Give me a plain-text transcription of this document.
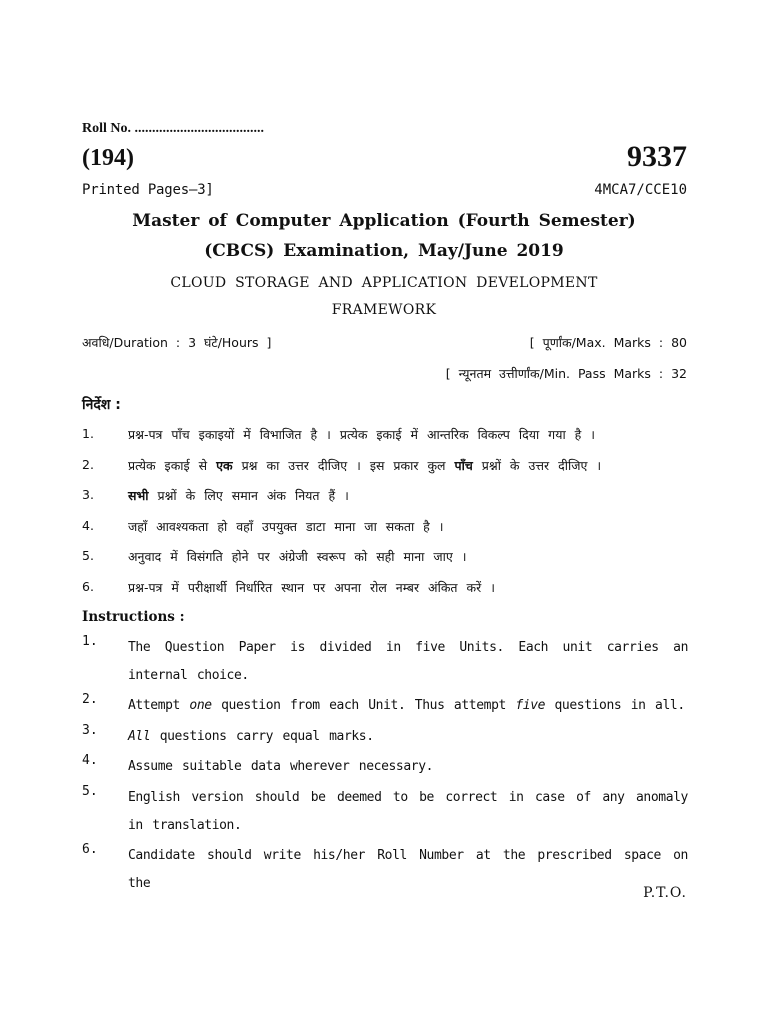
Roll No. .....................................
(194)	9337
Printed Pages—3]	4MCA7/CCE10
Master of Computer Application (Fourth Semester)
(CBCS) Examination, May/June 2019
CLOUD STORAGE AND APPLICATION DEVELOPMENT
FRAMEWORK
अवधि/Duration : 3 घंटे/Hours ]	[ पूर्णांक/Max. Marks : 80
[ न्यूनतम उत्तीर्णांक/Min. Pass Marks : 32
निर्देश :
1.	प्रश्न-पत्र पाँच इकाइयों में विभाजित है । प्रत्येक इकाई में आन्तरिक विकल्प दिया गया है ।
2.	प्रत्येक इकाई से एक प्रश्न का उत्तर दीजिए । इस प्रकार कुल पाँच प्रश्नों के उत्तर दीजिए ।
3.	सभी प्रश्नों के लिए समान अंक नियत हैं ।
4.	जहाँ आवश्यकता हो वहाँ उपयुक्त डाटा माना जा सकता है ।
5.	अनुवाद में विसंगति होने पर अंग्रेजी स्वरूप को सही माना जाए ।
6.	प्रश्न-पत्र में परीक्षार्थी निर्धारित स्थान पर अपना रोल नम्बर अंकित करें ।
Instructions :
1. The Question Paper is divided in five Units. Each unit carries an internal choice.
2. Attempt one question from each Unit. Thus attempt five questions in all.
3. All questions carry equal marks.
4. Assume suitable data wherever necessary.
5. English version should be deemed to be correct in case of any anomaly in translation.
6. Candidate should write his/her Roll Number at the prescribed space on the
P.T.O.
